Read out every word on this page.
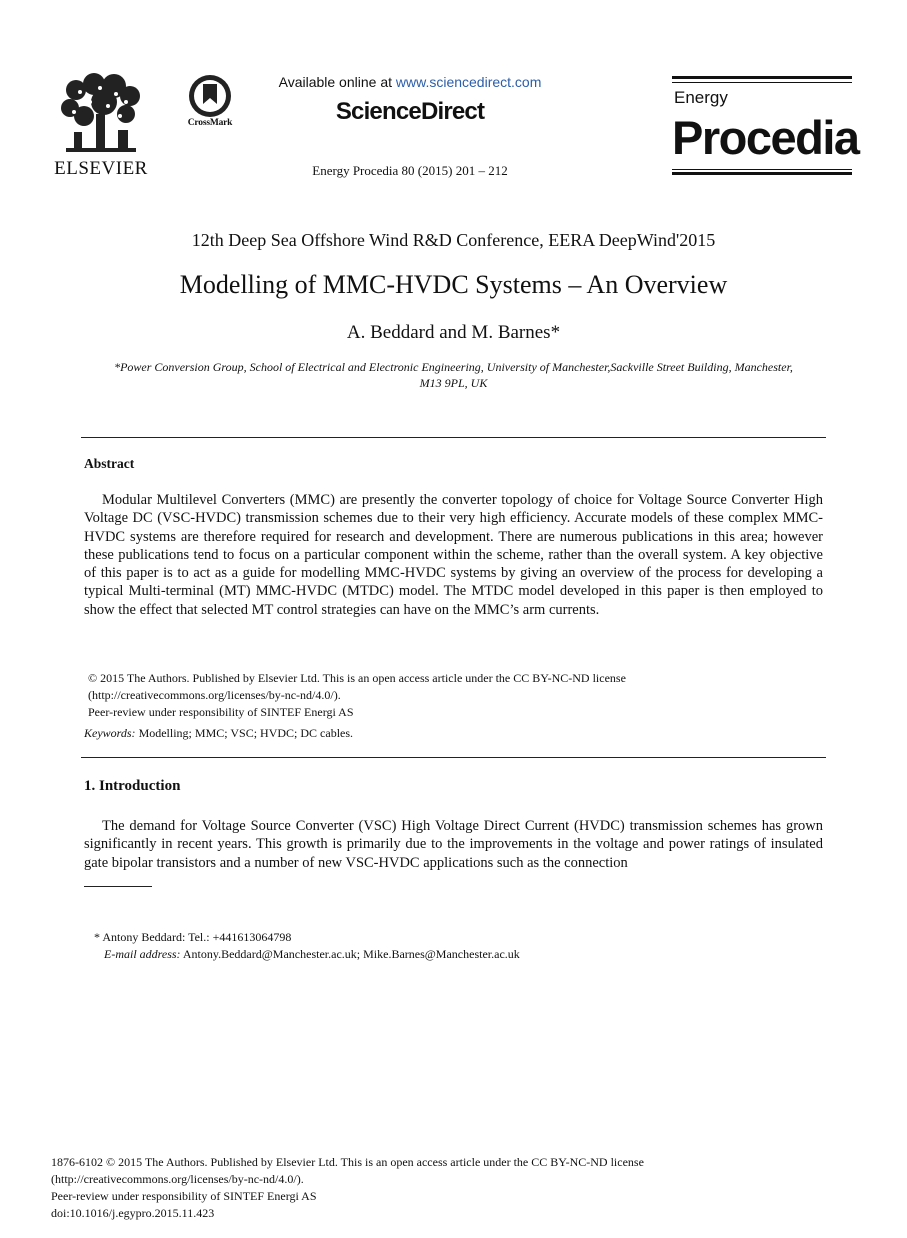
ELSEVIER
CrossMark
Available online at www.sciencedirect.com
ScienceDirect
Energy Procedia 80 (2015) 201 – 212
Energy
Procedia
12th Deep Sea Offshore Wind R&D Conference, EERA DeepWind'2015
Modelling of MMC-HVDC Systems – An Overview
A. Beddard and M. Barnes*
*Power Conversion Group, School of Electrical and Electronic Engineering, University of Manchester,Sackville Street Building, Manchester,
M13 9PL, UK
Abstract
Modular Multilevel Converters (MMC) are presently the converter topology of choice for Voltage Source Converter High Voltage DC (VSC-HVDC) transmission schemes due to their very high efficiency. Accurate models of these complex MMC-HVDC systems are therefore required for research and development. There are numerous publications in this area; however these publications tend to focus on a particular component within the scheme, rather than the overall system. A key objective of this paper is to act as a guide for modelling MMC-HVDC systems by giving an overview of the process for developing a typical Multi-terminal (MT) MMC-HVDC (MTDC) model. The MTDC model developed in this paper is then employed to show the effect that selected MT control strategies can have on the MMC’s arm currents.
© 2015 The Authors. Published by Elsevier Ltd. This is an open access article under the CC BY-NC-ND license
(http://creativecommons.org/licenses/by-nc-nd/4.0/).
Peer-review under responsibility of SINTEF Energi AS
Keywords: Modelling; MMC; VSC; HVDC; DC cables.
1. Introduction
The demand for Voltage Source Converter (VSC) High Voltage Direct Current (HVDC) transmission schemes has grown significantly in recent years. This growth is primarily due to the improvements in the voltage and power ratings of insulated gate bipolar transistors and a number of new VSC-HVDC applications such as the connection
* Antony Beddard: Tel.: +441613064798
E-mail address: Antony.Beddard@Manchester.ac.uk; Mike.Barnes@Manchester.ac.uk
1876-6102 © 2015 The Authors. Published by Elsevier Ltd. This is an open access article under the CC BY-NC-ND license
(http://creativecommons.org/licenses/by-nc-nd/4.0/).
Peer-review under responsibility of SINTEF Energi AS
doi:10.1016/j.egypro.2015.11.423
